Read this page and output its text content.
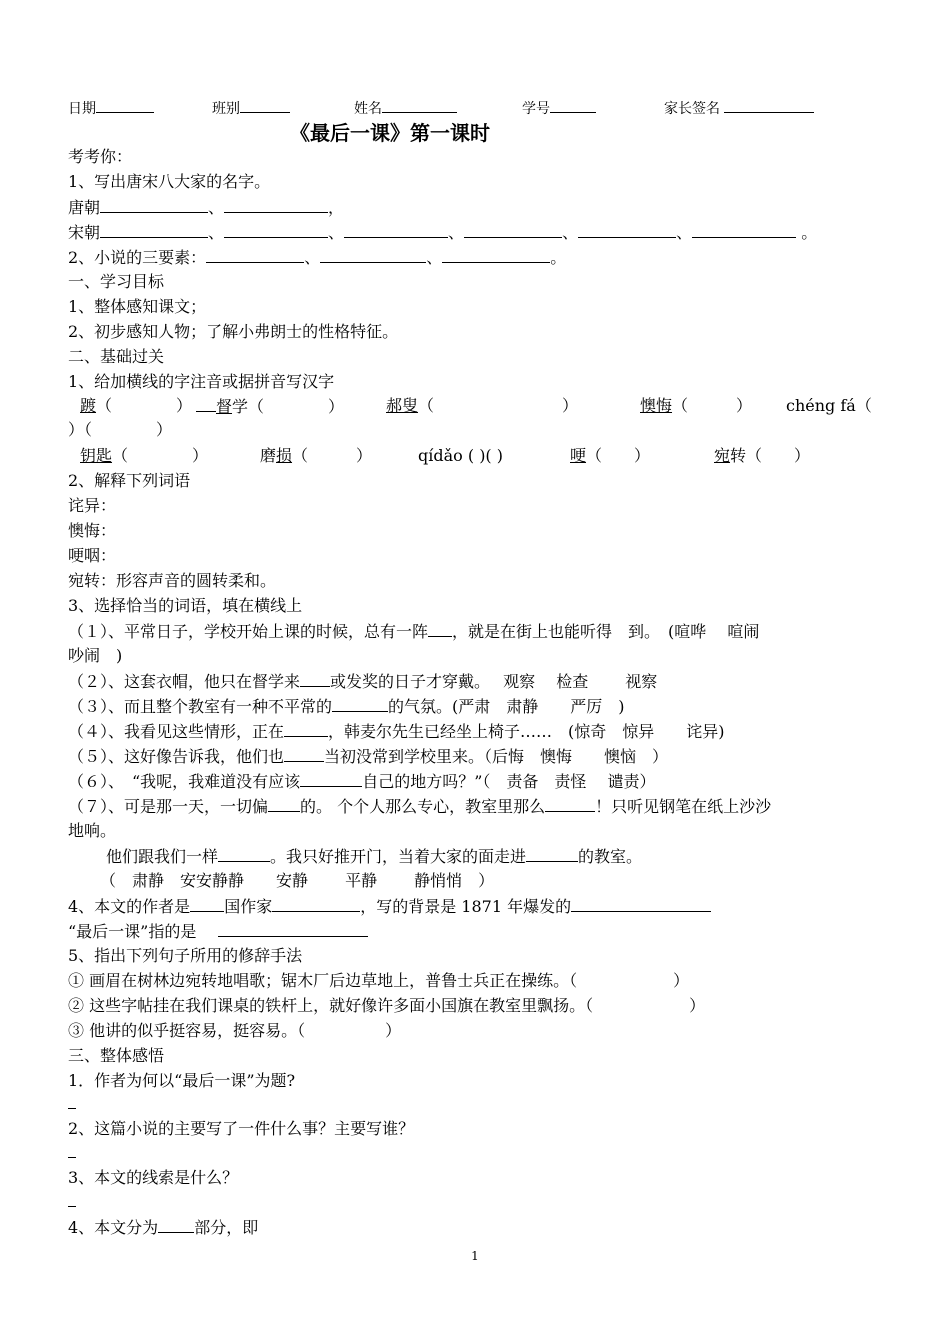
日期	班别	姓名	学号	家长签名
《最后一课》第一课时
考考你：
1、写出唐宋八大家的名字。
唐朝	、	，
宋朝	、	、	、	、	、	。
2、小说的三要素：	、	、	。
一、学习目标
1、整体感知课文；
2、初步感知人物；了解小弗朗士的性格特征。
二、基础过关
1、给加横线的字注音或据拼音写汉字
踱（　　　　）	督学（　　　　）	郝叟（　　　　　　　　）	懊悔（　　　） chéng fá（
）（　　　　）
钥匙（　　　　）	磨损（　　　）	qídǎo ( )( )	哽（　　）	宛转（　　）
2、解释下列词语
诧异：
懊悔：
哽咽：
宛转：形容声音的圆转柔和。
3、选择恰当的词语，填在横线上
（１）、平常日子，学校开始上课的时候，总有一阵 ，就是在街上也能听得　到。　(喧哗　 喧闹
吵闹　)
（２）、这套衣帽，他只在督学来 或发奖的日子才穿戴。　 观察　 检查　　 视察
（３）、而且整个教室有一种不平常的	的气氛。(严肃　肃静　　严厉　)
（４）、我看见这些情形，正在	，韩麦尔先生已经坐上椅子……　(惊奇　惊异　　诧异)
（５）、这好像告诉我，他们也	当初没常到学校里来。（后悔　懊悔　　懊恼　）
（６）、　“我呢，我难道没有应该	自己的地方吗？”（　责备　责怪　 谴责）
（７）、可是那一天，一切偏 的。 个个人那么专心，教室里那么	！只听见钢笔在纸上沙沙
地响。
他们跟我们一样	。我只好推开门，当着大家的面走进	的教室。
（　肃静　安安静静　　安静　　 平静　　 静悄悄　）
4、本文的作者是 国作家	，写的背景是 1871 年爆发的
“最后一课”指的是
5、指出下列句子所用的修辞手法
① 画眉在树林边宛转地唱歌；锯木厂后边草地上，普鲁士兵正在操练。（　　　　　　）
② 这些字帖挂在我们课桌的铁杆上，就好像许多面小国旗在教室里飘扬。（　　　　　　）
③ 他讲的似乎挺容易，挺容易。（　　　　　）
三、整体感悟
1．作者为何以“最后一课”为题?
2、这篇小说的主要写了一件什么事？主要写谁？
3、本文的线索是什么？
4、本文分为 部分，即
1
